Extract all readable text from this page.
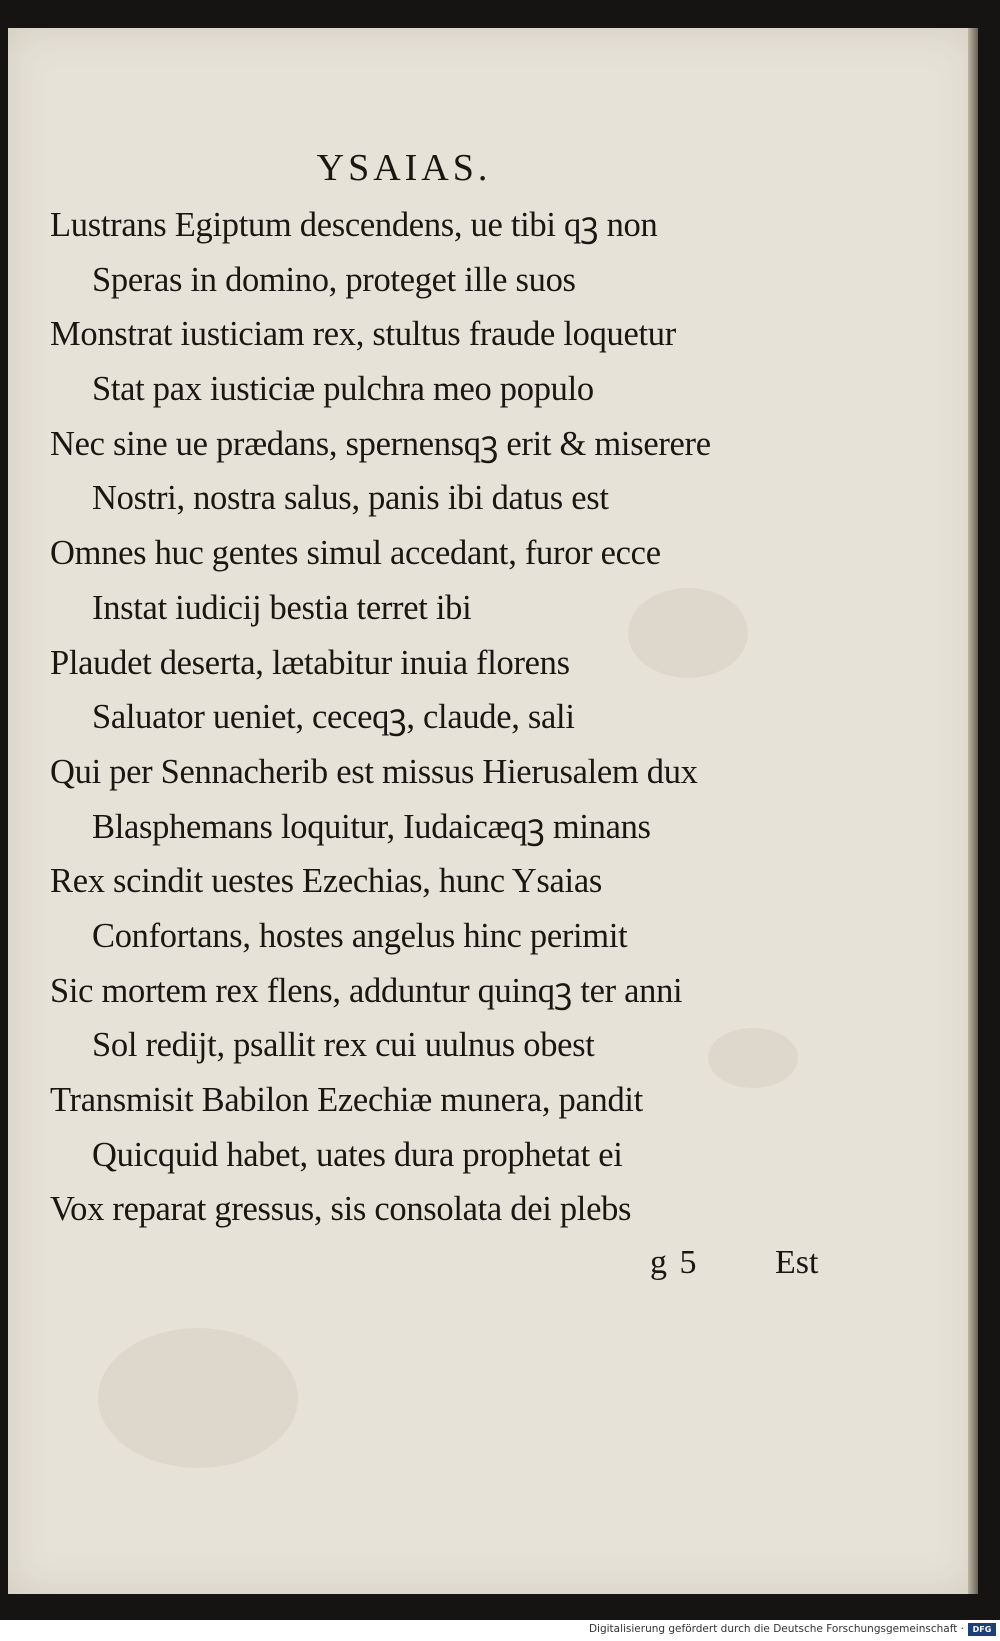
YSAIAS.
Lustrans Egiptum descendens, ue tibi qꝫ non
Speras in domino, proteget ille suos
Monstrat iusticiam rex, stultus fraude loquetur
Stat pax iusticiæ pulchra meo populo
Nec sine ue prædans, spernensqꝫ erit & miserere
Nostri, nostra salus, panis ibi datus est
Omnes huc gentes simul accedant, furor ecce
Instat iudicij bestia terret ibi
Plaudet deserta, lætabitur inuia florens
Saluator ueniet, ceceqꝫ, claude, sali
Qui per Sennacherib est missus Hierusalem dux
Blasphemans loquitur, Iudaicæqꝫ minans
Rex scindit uestes Ezechias, hunc Ysaias
Confortans, hostes angelus hinc perimit
Sic mortem rex flens, adduntur quinqꝫ ter anni
Sol redijt, psallit rex cui uulnus obest
Transmisit Babilon Ezechiæ munera, pandit
Quicquid habet, uates dura prophetat ei
Vox reparat gressus, sis consolata dei plebs
g 5 Est
Digitalisierung gefördert durch die Deutsche Forschungsgemeinschaft ·	DFG
